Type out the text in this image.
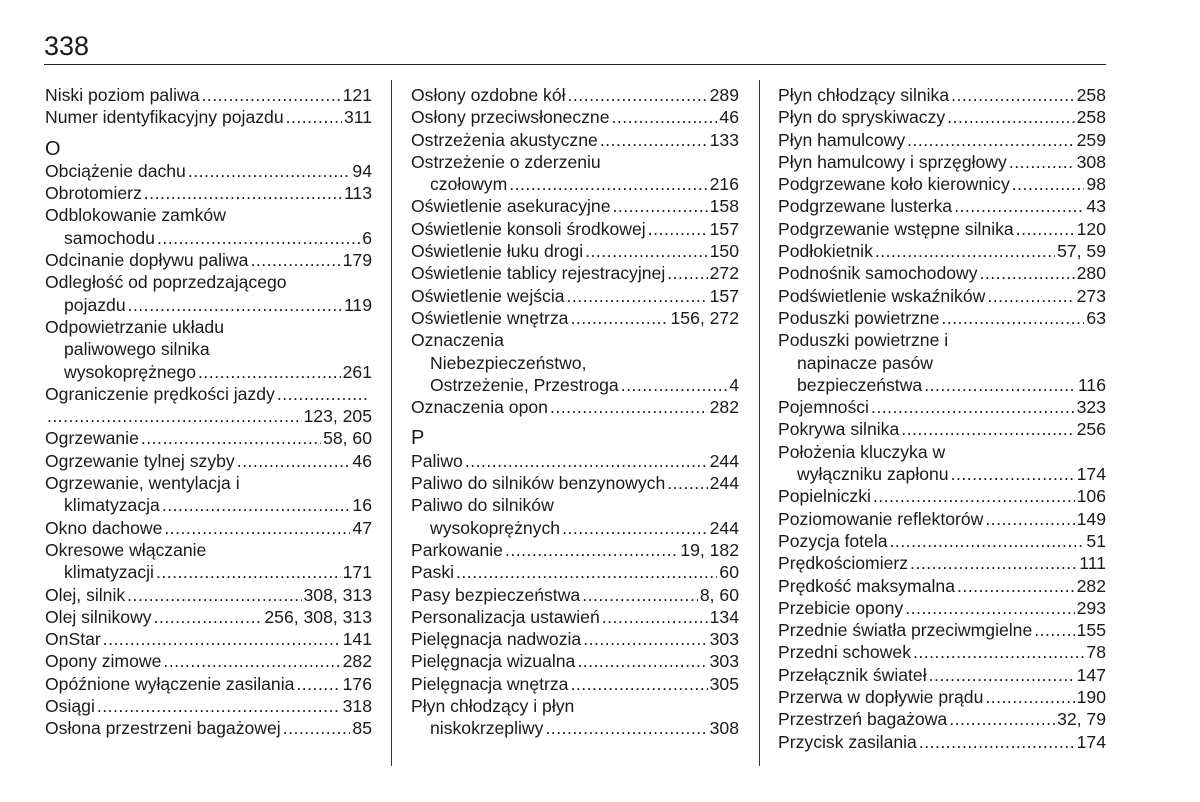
338
Niski poziom paliwa .....	121
Numer identyfikacyjny pojazdu .....	311
O
Obciążenie dachu .....	94
Obrotomierz .....	113
Odblokowanie zamków
samochodu .....	6
Odcinanie dopływu paliwa .....	179
Odległość od poprzedzającego
pojazdu .....	119
Odpowietrzanie układu
paliwowego silnika
wysokoprężnego .....	261
Ograniczenie prędkości jazdy
.....
.....
123, 205
Ogrzewanie .....	58, 60
Ogrzewanie tylnej szyby .....	46
Ogrzewanie, wentylacja i
klimatyzacja .....	16
Okno dachowe .....	47
Okresowe włączanie
klimatyzacji .....	171
Olej, silnik .....	308, 313
Olej silnikowy .....	256, 308, 313
OnStar .....	141
Opony zimowe .....	282
Opóźnione wyłączenie zasilania .....	176
Osiągi .....	318
Osłona przestrzeni bagażowej .....	85
Osłony ozdobne kół .....	289
Osłony przeciwsłoneczne .....	46
Ostrzeżenia akustyczne .....	133
Ostrzeżenie o zderzeniu
czołowym .....	216
Oświetlenie asekuracyjne .....	158
Oświetlenie konsoli środkowej .....	157
Oświetlenie łuku drogi .....	150
Oświetlenie tablicy rejestracyjnej .....	272
Oświetlenie wejścia .....	157
Oświetlenie wnętrza .....	156, 272
Oznaczenia
Niebezpieczeństwo,
Ostrzeżenie, Przestroga .....	4
Oznaczenia opon .....	282
P
Paliwo .....	244
Paliwo do silników benzynowych .....	244
Paliwo do silników
wysokoprężnych .....	244
Parkowanie .....	19, 182
Paski .....	60
Pasy bezpieczeństwa .....	8, 60
Personalizacja ustawień .....	134
Pielęgnacja nadwozia .....	303
Pielęgnacja wizualna .....	303
Pielęgnacja wnętrza .....	305
Płyn chłodzący i płyn
niskokrzepliwy .....	308
Płyn chłodzący silnika .....	258
Płyn do spryskiwaczy .....	258
Płyn hamulcowy .....	259
Płyn hamulcowy i sprzęgłowy .....	308
Podgrzewane koło kierownicy .....	98
Podgrzewane lusterka .....	43
Podgrzewanie wstępne silnika .....	120
Podłokietnik .....	57, 59
Podnośnik samochodowy .....	280
Podświetlenie wskaźników .....	273
Poduszki powietrzne .....	63
Poduszki powietrzne i
napinacze pasów
bezpieczeństwa .....	116
Pojemności .....	323
Pokrywa silnika .....	256
Położenia kluczyka w
wyłączniku zapłonu .....	174
Popielniczki .....	106
Poziomowanie reflektorów .....	149
Pozycja fotela .....	51
Prędkościomierz .....	111
Prędkość maksymalna .....	282
Przebicie opony .....	293
Przednie światła przeciwmgielne .....	155
Przedni schowek .....	78
Przełącznik świateł .....	147
Przerwa w dopływie prądu .....	190
Przestrzeń bagażowa .....	32, 79
Przycisk zasilania .....	174
